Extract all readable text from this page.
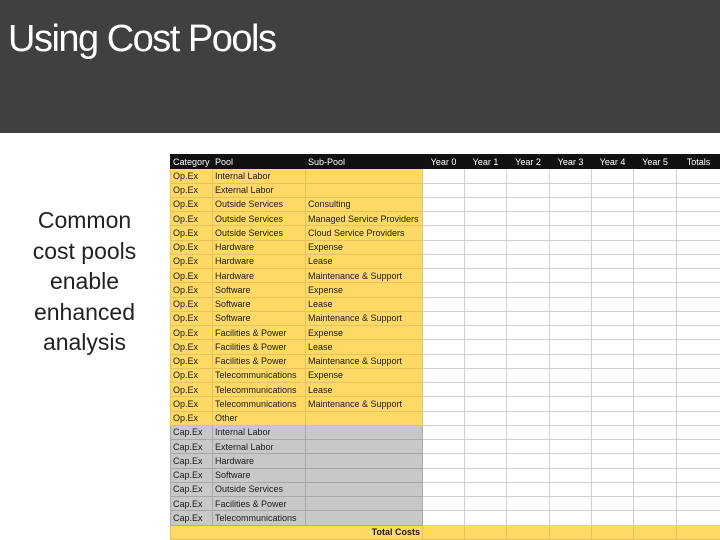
Using Cost Pools
Common
cost pools
enable
enhanced
analysis
Category	Pool	Sub-Pool	Year 0	Year 1	Year 2	Year 3	Year 4	Year 5	Totals
Op.Ex	Internal Labor								
Op.Ex	External Labor								
Op.Ex	Outside Services	Consulting							
Op.Ex	Outside Services	Managed Service Providers							
Op.Ex	Outside Services	Cloud Service Providers							
Op.Ex	Hardware	Expense							
Op.Ex	Hardware	Lease							
Op.Ex	Hardware	Maintenance & Support							
Op.Ex	Software	Expense							
Op.Ex	Software	Lease							
Op.Ex	Software	Maintenance & Support							
Op.Ex	Facilities & Power	Expense							
Op.Ex	Facilities & Power	Lease							
Op.Ex	Facilities & Power	Maintenance & Support							
Op.Ex	Telecommunications	Expense							
Op.Ex	Telecommunications	Lease							
Op.Ex	Telecommunications	Maintenance & Support							
Op.Ex	Other								
Cap.Ex	Internal Labor								
Cap.Ex	External Labor								
Cap.Ex	Hardware								
Cap.Ex	Software								
Cap.Ex	Outside Services								
Cap.Ex	Facilities & Power								
Cap.Ex	Telecommunications								
Total Costs									
